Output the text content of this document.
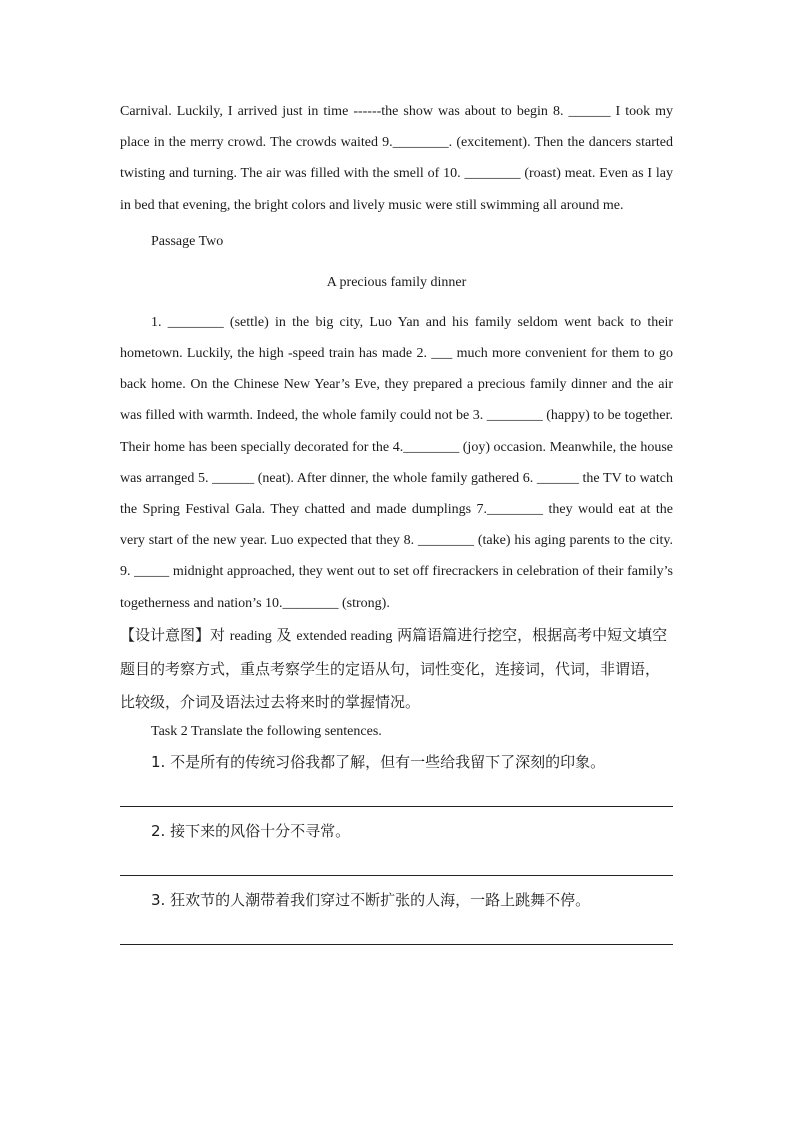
Carnival. Luckily, I arrived just in time ------the show was about to begin 8. ______ I took my place in the merry crowd. The crowds waited 9.________. (excitement). Then the dancers started twisting and turning. The air was filled with the smell of 10. ________ (roast) meat. Even as I lay in bed that evening, the bright colors and lively music were still swimming all around me.

Passage Two

A precious family dinner

1. ________ (settle) in the big city, Luo Yan and his family seldom went back to their hometown. Luckily, the high -speed train has made 2. ___ much more convenient for them to go back home. On the Chinese New Year’s Eve, they prepared a precious family dinner and the air was filled with warmth. Indeed, the whole family could not be 3. ________ (happy) to be together. Their home has been specially decorated for the 4.________ (joy) occasion. Meanwhile, the house was arranged 5. ______ (neat). After dinner, the whole family gathered 6. ______ the TV to watch the Spring Festival Gala. They chatted and made dumplings 7.________ they would eat at the very start of the new year. Luo expected that they 8. ________ (take) his aging parents to the city. 9. _____ midnight approached, they went out to set off firecrackers in celebration of their family’s togetherness and nation’s 10.________ (strong).

【设计意图】对 reading 及 extended reading 两篇语篇进行挖空，根据高考中短文填空题目的考察方式，重点考察学生的定语从句，词性变化，连接词，代词，非谓语，比较级，介词及语法过去将来时的掌握情况。

Task 2 Translate the following sentences.

1. 不是所有的传统习俗我都了解，但有一些给我留下了深刻的印象。

2. 接下来的风俗十分不寻常。

3. 狂欢节的人潮带着我们穿过不断扩张的人海，一路上跳舞不停。
